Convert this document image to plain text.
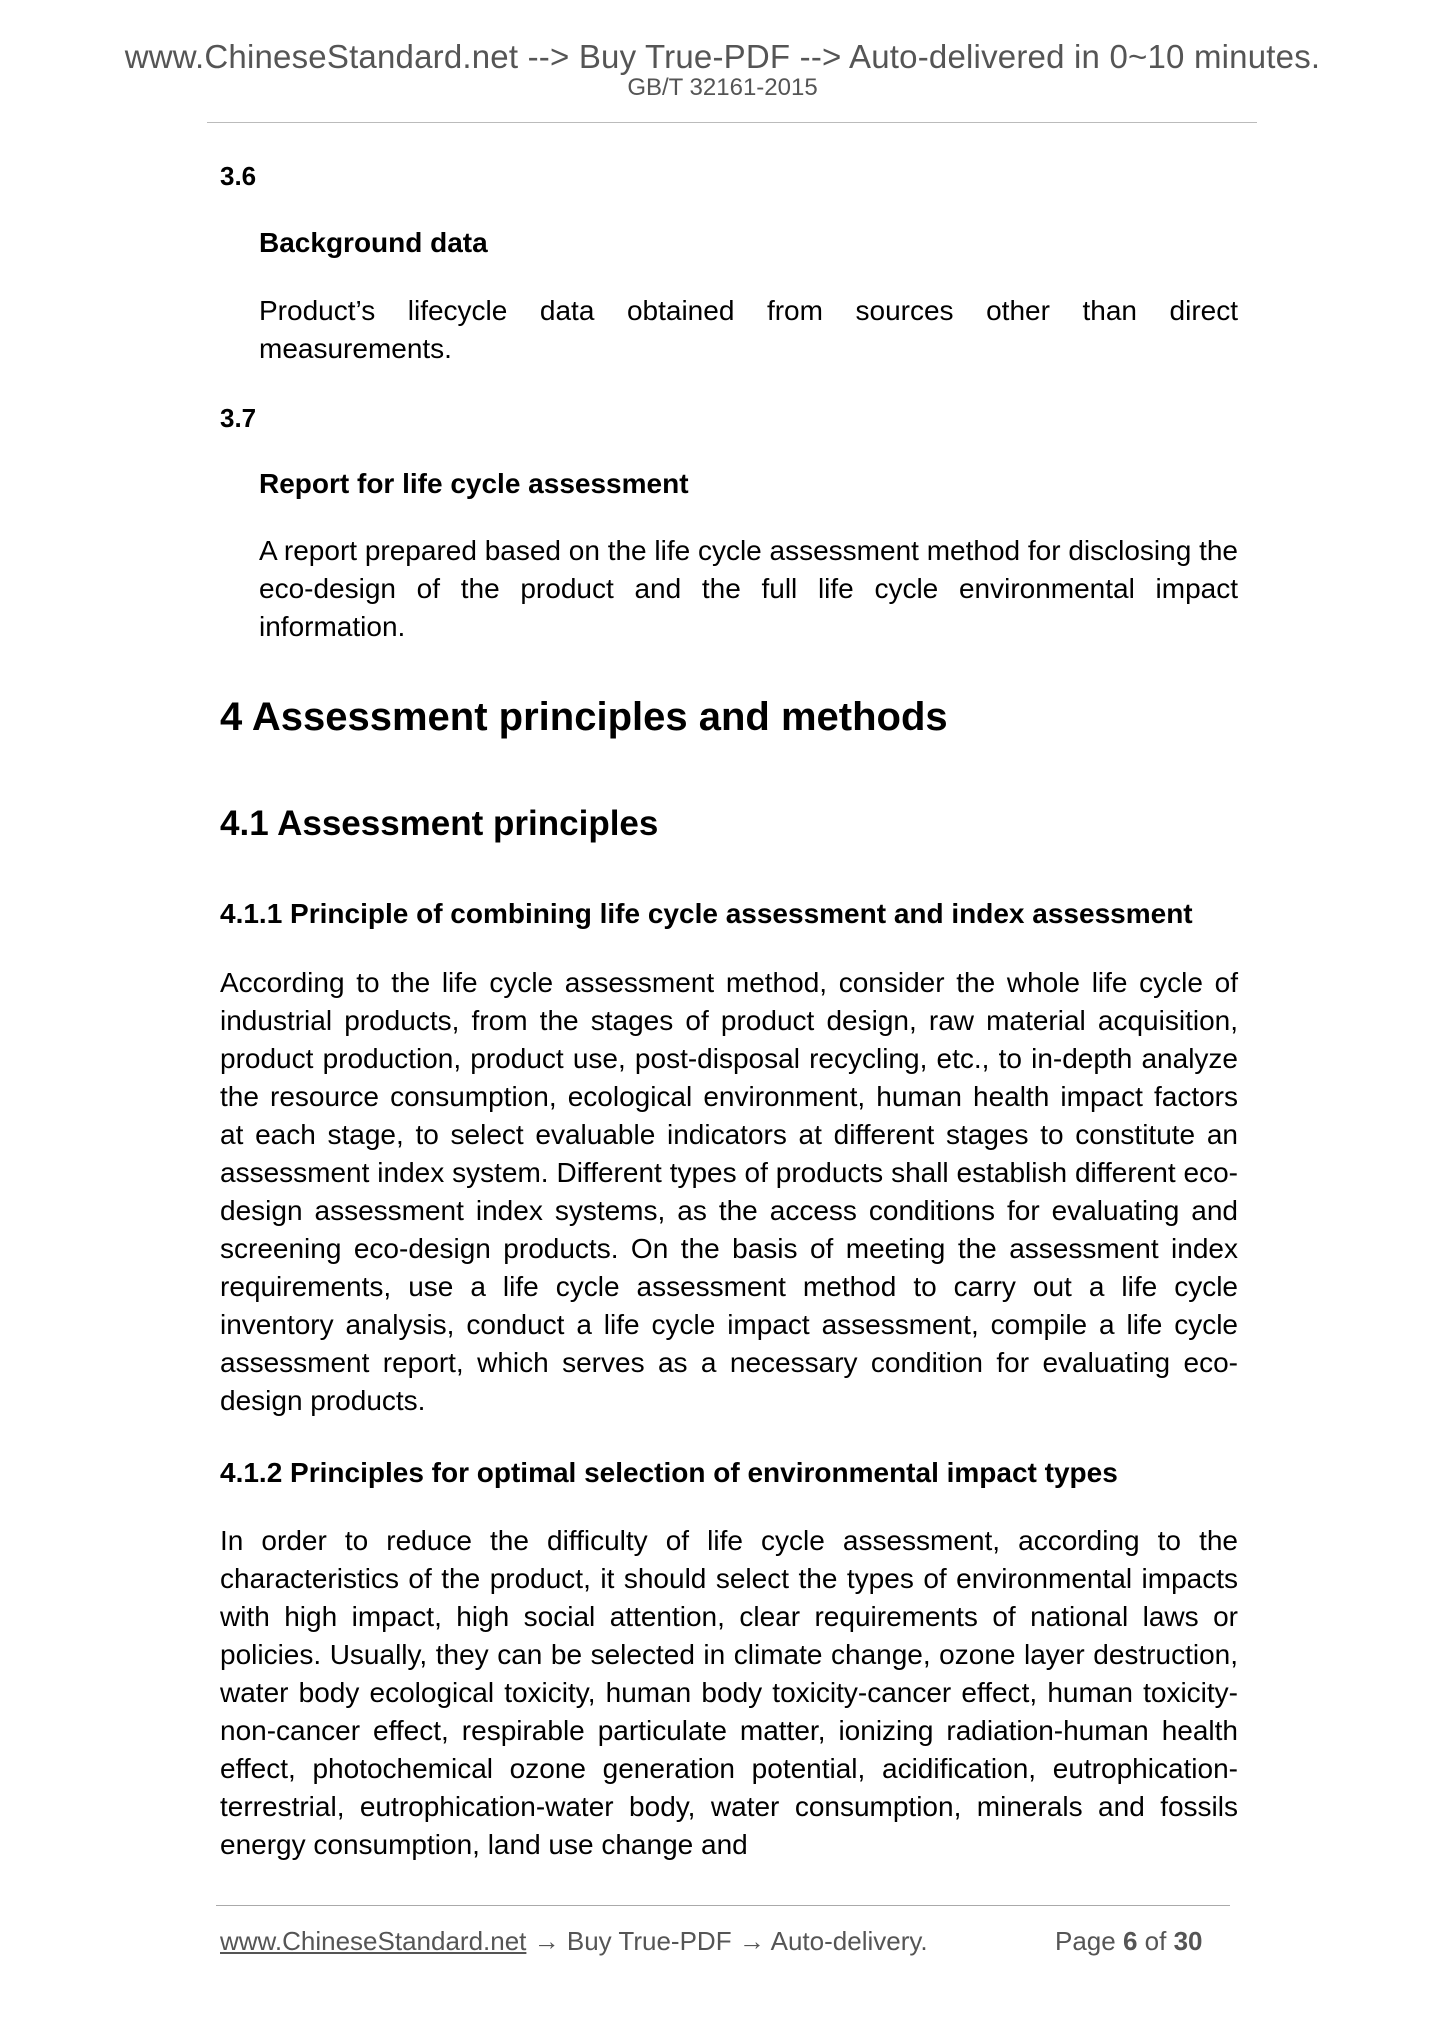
www.ChineseStandard.net --> Buy True-PDF --> Auto-delivered in 0~10 minutes.
GB/T 32161-2015
3.6
Background data

Product’s lifecycle data obtained from sources other than direct measurements.

3.7
Report for life cycle assessment

A report prepared based on the life cycle assessment method for disclosing the eco-design of the product and the full life cycle environmental impact information.

4 Assessment principles and methods
4.1 Assessment principles
4.1.1 Principle of combining life cycle assessment and index assessment

According to the life cycle assessment method, consider the whole life cycle of industrial products, from the stages of product design, raw material acquisition, product production, product use, post-disposal recycling, etc., to in-depth analyze the resource consumption, ecological environment, human health impact factors at each stage, to select evaluable indicators at different stages to constitute an assessment index system. Different types of products shall establish different eco-design assessment index systems, as the access conditions for evaluating and screening eco-design products. On the basis of meeting the assessment index requirements, use a life cycle assessment method to carry out a life cycle inventory analysis, conduct a life cycle impact assessment, compile a life cycle assessment report, which serves as a necessary condition for evaluating eco-design products.

4.1.2 Principles for optimal selection of environmental impact types

In order to reduce the difficulty of life cycle assessment, according to the characteristics of the product, it should select the types of environmental impacts with high impact, high social attention, clear requirements of national laws or policies. Usually, they can be selected in climate change, ozone layer destruction, water body ecological toxicity, human body toxicity-cancer effect, human toxicity-non-cancer effect, respirable particulate matter, ionizing radiation-human health effect, photochemical ozone generation potential, acidification, eutrophication-terrestrial, eutrophication-water body, water consumption, minerals and fossils energy consumption, land use change and

www.ChineseStandard.net → Buy True-PDF → Auto-delivery.	Page 6 of 30
